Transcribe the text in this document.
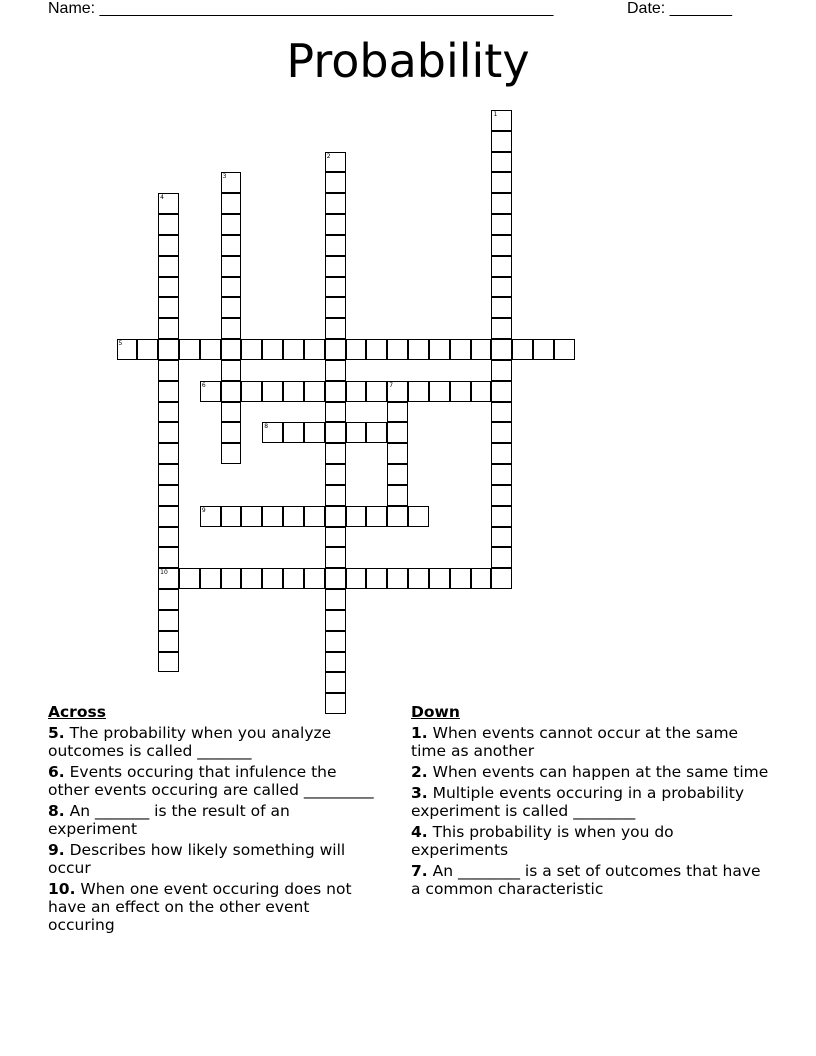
Name: ___________________________________________________	Date: _______
Probability
1
2
3
4
10
5
6	7
8
9
Across
5. The probability when you analyze outcomes is called _______
6. Events occuring that infulence the other events occuring are called _________
8. An _______ is the result of an experiment
9. Describes how likely something will occur
10. When one event occuring does not have an effect on the other event occuring
Down
1. When events cannot occur at the same time as another
2. When events can happen at the same time
3. Multiple events occuring in a probability experiment is called ________
4. This probability is when you do experiments
7. An ________ is a set of outcomes that have a common characteristic
